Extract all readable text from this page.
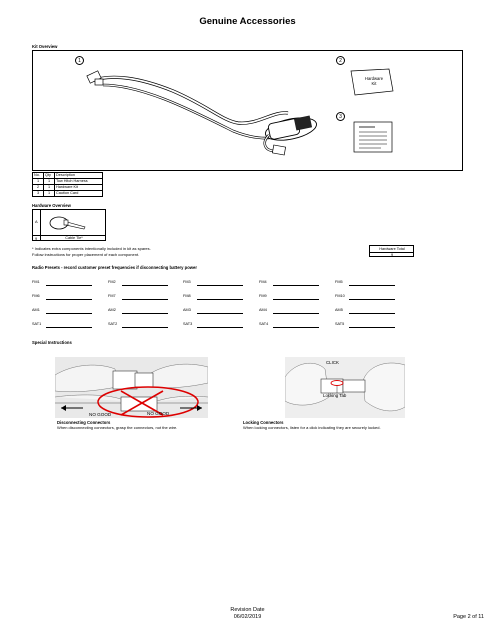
Genuine Accessories
Kit Overview
1	2
3
Hardware
Kit
No.	Qty	Description
1	1	Tow Hitch Harness
2	1	Hardware Kit
3	1	Caution Card
Hardware Overview
A
9	Cable Tie*
* Indicates extra components intentionally included in kit as spares.
Follow instructions for proper placement of each component.
Hardware Total
9
Radio Presets - record customer preset frequencies if disconnecting battery power
FM1	FM2	FM3	FM4	FM5
FM6	FM7	FM8	FM9	FM10
AM1	AM2	AM3	AM4	AM5
SAT1	SAT2	SAT3	SAT4	SAT5
Special Instructions
NO GOOD	NO GOOD
Disconnecting Connectors
When disconnecting connectors, grasp the connectors, not the wire.
CLICK
Locking Tab
Locking Connectors
When locking connectors, listen for a click indicating they are securely locked.
Revision Date
06/02/2019	Page 2 of 11
